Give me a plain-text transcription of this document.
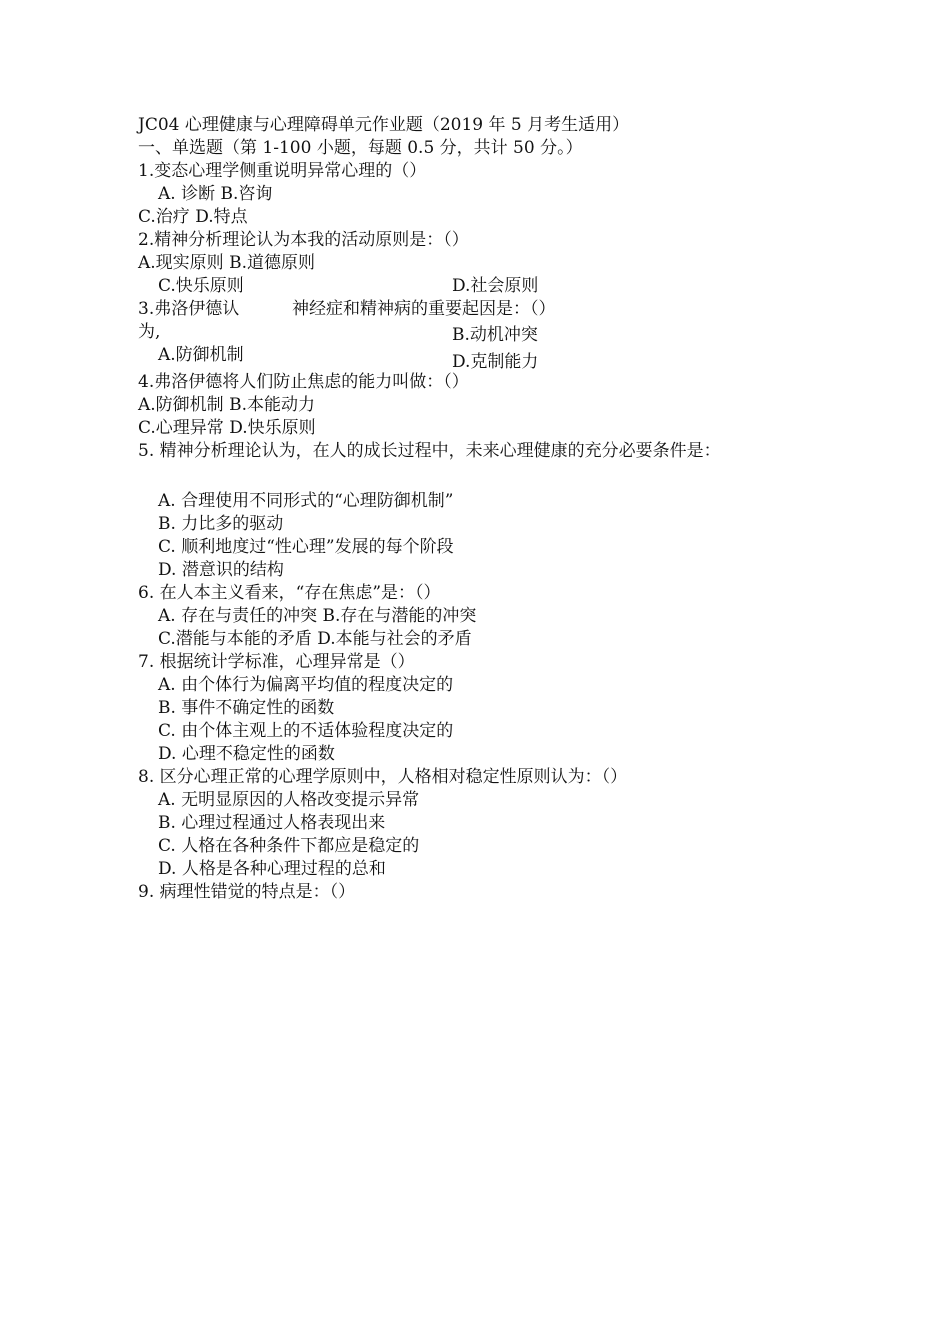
JC04 心理健康与心理障碍单元作业题（2019 年 5 月考生适用）
一、单选题（第 1-100 小题，每题 0.5 分，共计 50 分。）
1.变态心理学侧重说明异常心理的（）
A. 诊断 B.咨询
C.治疗 D.特点
2.精神分析理论认为本我的活动原则是：（）
A.现实原则 B.道德原则
C.快乐原则	D.社会原则
3.弗洛伊德认	神经症和精神病的重要起因是：（）
为,	B.动机冲突
A.防御机制	D.克制能力
4.弗洛伊德将人们防止焦虑的能力叫做：（）
A.防御机制 B.本能动力
C.心理异常 D.快乐原则
5. 精神分析理论认为，在人的成长过程中，未来心理健康的充分必要条件是：
A. 合理使用不同形式的“心理防御机制”
B. 力比多的驱动
C. 顺利地度过“性心理”发展的每个阶段
D. 潜意识的结构
6. 在人本主义看来，“存在焦虑”是：（）
A. 存在与责任的冲突 B.存在与潜能的冲突
C.潜能与本能的矛盾 D.本能与社会的矛盾
7. 根据统计学标准，心理异常是（）
A. 由个体行为偏离平均值的程度决定的
B. 事件不确定性的函数
C. 由个体主观上的不适体验程度决定的
D. 心理不稳定性的函数
8. 区分心理正常的心理学原则中，人格相对稳定性原则认为：（）
A. 无明显原因的人格改变提示异常
B. 心理过程通过人格表现出来
C. 人格在各种条件下都应是稳定的
D. 人格是各种心理过程的总和
9. 病理性错觉的特点是：（）
